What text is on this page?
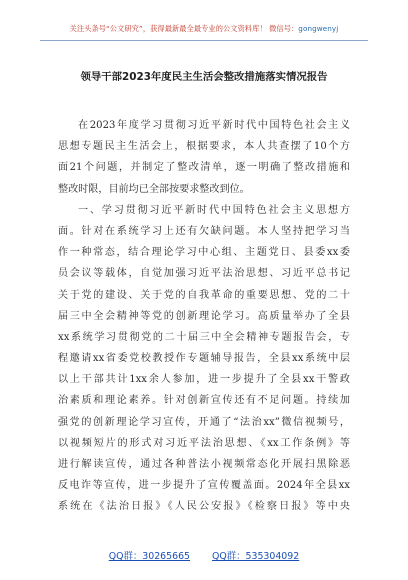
关注头条号“公文研究”，获得最新最全最专业的公文资料库！ 微信号：gongwenyj
领导干部2023年度民主生活会整改措施落实情况报告
在2023年度学习贯彻习近平新时代中国特色社会主义
思想专题民主生活会上，根据要求，本人共查摆了10个方
面21个问题，并制定了整改清单，逐一明确了整改措施和
整改时限，目前均已全部按要求整改到位。
一、学习贯彻习近平新时代中国特色社会主义思想方
面。针对在系统学习上还有欠缺问题。本人坚持把学习当
作一种常态，结合理论学习中心组、主题党日、县委xx委
员会议等载体，自觉加强习近平法治思想、习近平总书记
关于党的建设、关于党的自我革命的重要思想、党的二十
届三中全会精神等党的创新理论学习。高质量举办了全县
xx系统学习贯彻党的二十届三中全会精神专题报告会，专
程邀请xx省委党校教授作专题辅导报告，全县xx系统中层
以上干部共计1xx余人参加，进一步提升了全县xx干警政
治素质和理论素养。针对创新宣传还有不足问题。持续加
强党的创新理论学习宣传，开通了“法治xx”微信视频号，
以视频短片的形式对习近平法治思想、《xx工作条例》等
进行解读宣传，通过各种普法小视频常态化开展扫黑除恶
反电诈等宣传，进一步提升了宣传覆盖面。2024年全县xx
系统在《法治日报》《人民公安报》《检察日报》等中央
QQ群：30265665 QQ群：535304092
